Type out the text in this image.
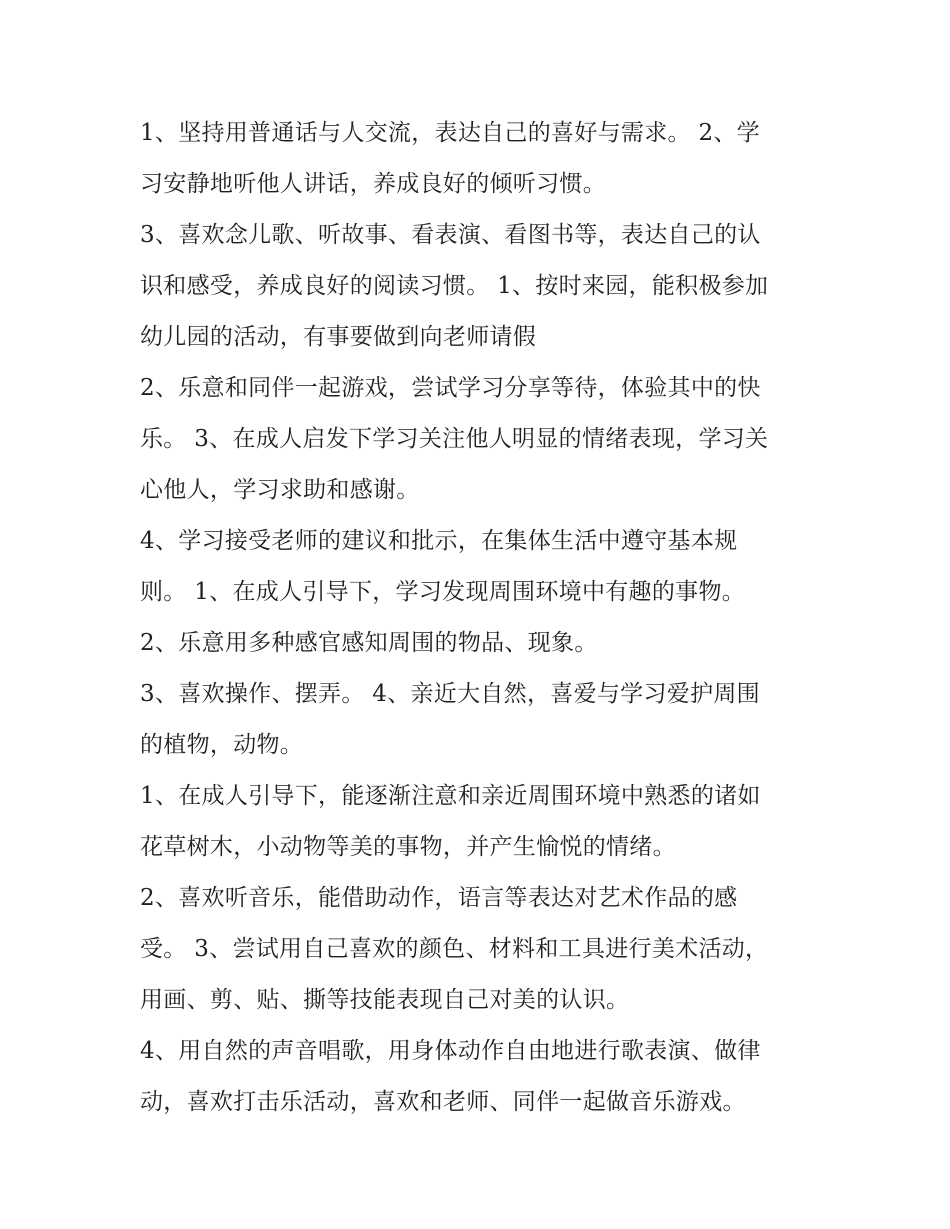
1、坚持用普通话与人交流，表达自己的喜好与需求。 2、学
习安静地听他人讲话，养成良好的倾听习惯。
3、喜欢念儿歌、听故事、看表演、看图书等，表达自己的认
识和感受，养成良好的阅读习惯。 1、按时来园，能积极参加
幼儿园的活动，有事要做到向老师请假
2、乐意和同伴一起游戏，尝试学习分享等待，体验其中的快
乐。 3、在成人启发下学习关注他人明显的情绪表现，学习关
心他人，学习求助和感谢。
4、学习接受老师的建议和批示，在集体生活中遵守基本规
则。 1、在成人引导下，学习发现周围环境中有趣的事物。
2、乐意用多种感官感知周围的物品、现象。
3、喜欢操作、摆弄。 4、亲近大自然，喜爱与学习爱护周围
的植物，动物。
1、在成人引导下，能逐渐注意和亲近周围环境中熟悉的诸如
花草树木，小动物等美的事物，并产生愉悦的情绪。
2、喜欢听音乐，能借助动作，语言等表达对艺术作品的感
受。 3、尝试用自己喜欢的颜色、材料和工具进行美术活动，
用画、剪、贴、撕等技能表现自己对美的认识。
4、用自然的声音唱歌，用身体动作自由地进行歌表演、做律
动，喜欢打击乐活动，喜欢和老师、同伴一起做音乐游戏。
